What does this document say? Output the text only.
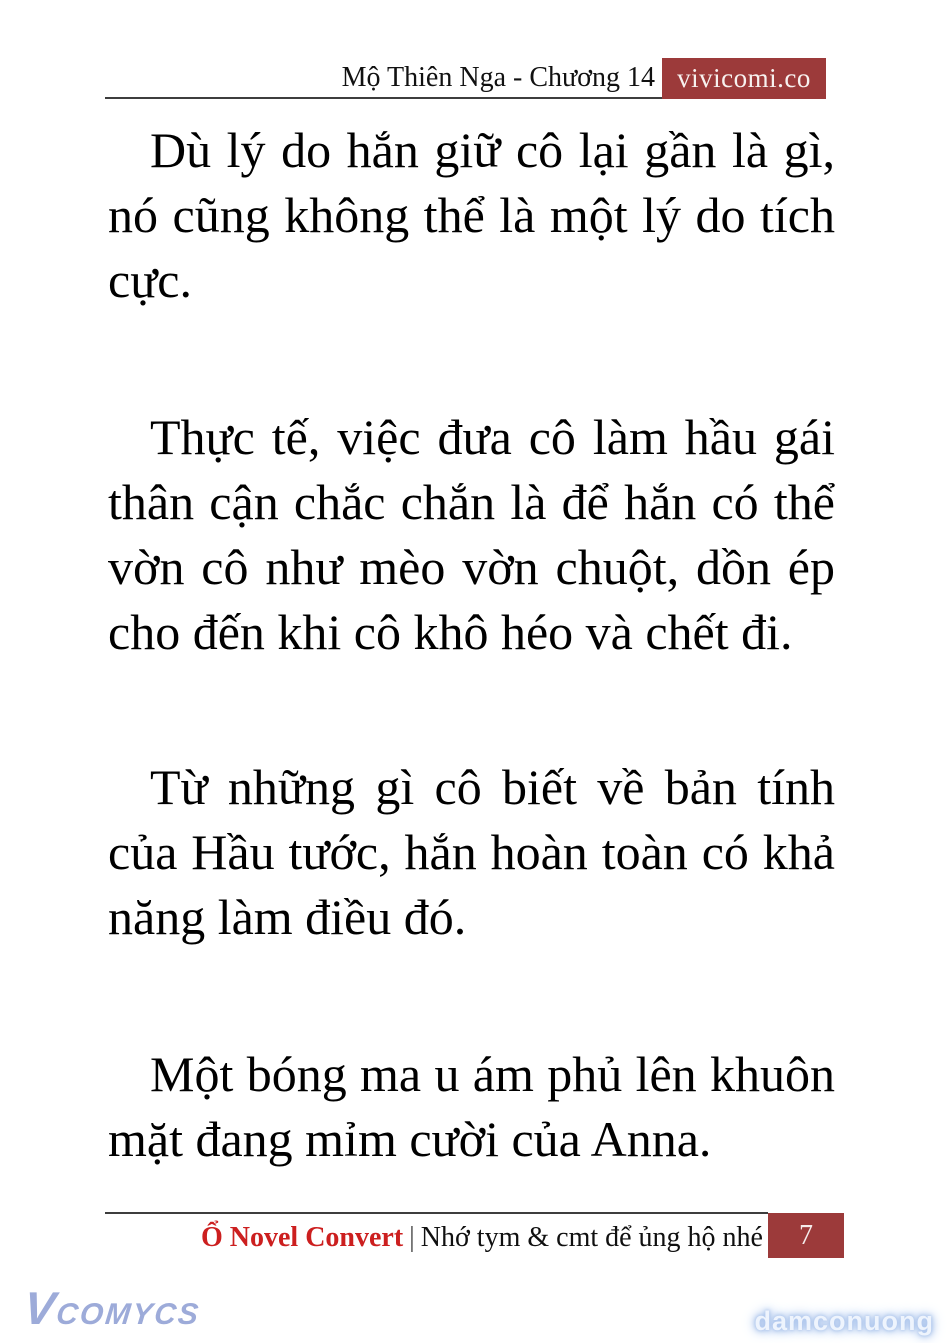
Mộ Thiên Nga - Chương 14 vivicomi.co
Dù lý do hắn giữ cô lại gần là gì,
nó cũng không thể là một lý do tích
cực.
Thực tế, việc đưa cô làm hầu gái
thân cận chắc chắn là để hắn có thể
vờn cô như mèo vờn chuột, dồn ép
cho đến khi cô khô héo và chết đi.
Từ những gì cô biết về bản tính
của Hầu tước, hắn hoàn toàn có khả
năng làm điều đó.
Một bóng ma u ám phủ lên khuôn
mặt đang mỉm cười của Anna.
Ổ Novel Convert | Nhớ tym & cmt để ủng hộ nhé 7
VCOMYCS	damconuong
